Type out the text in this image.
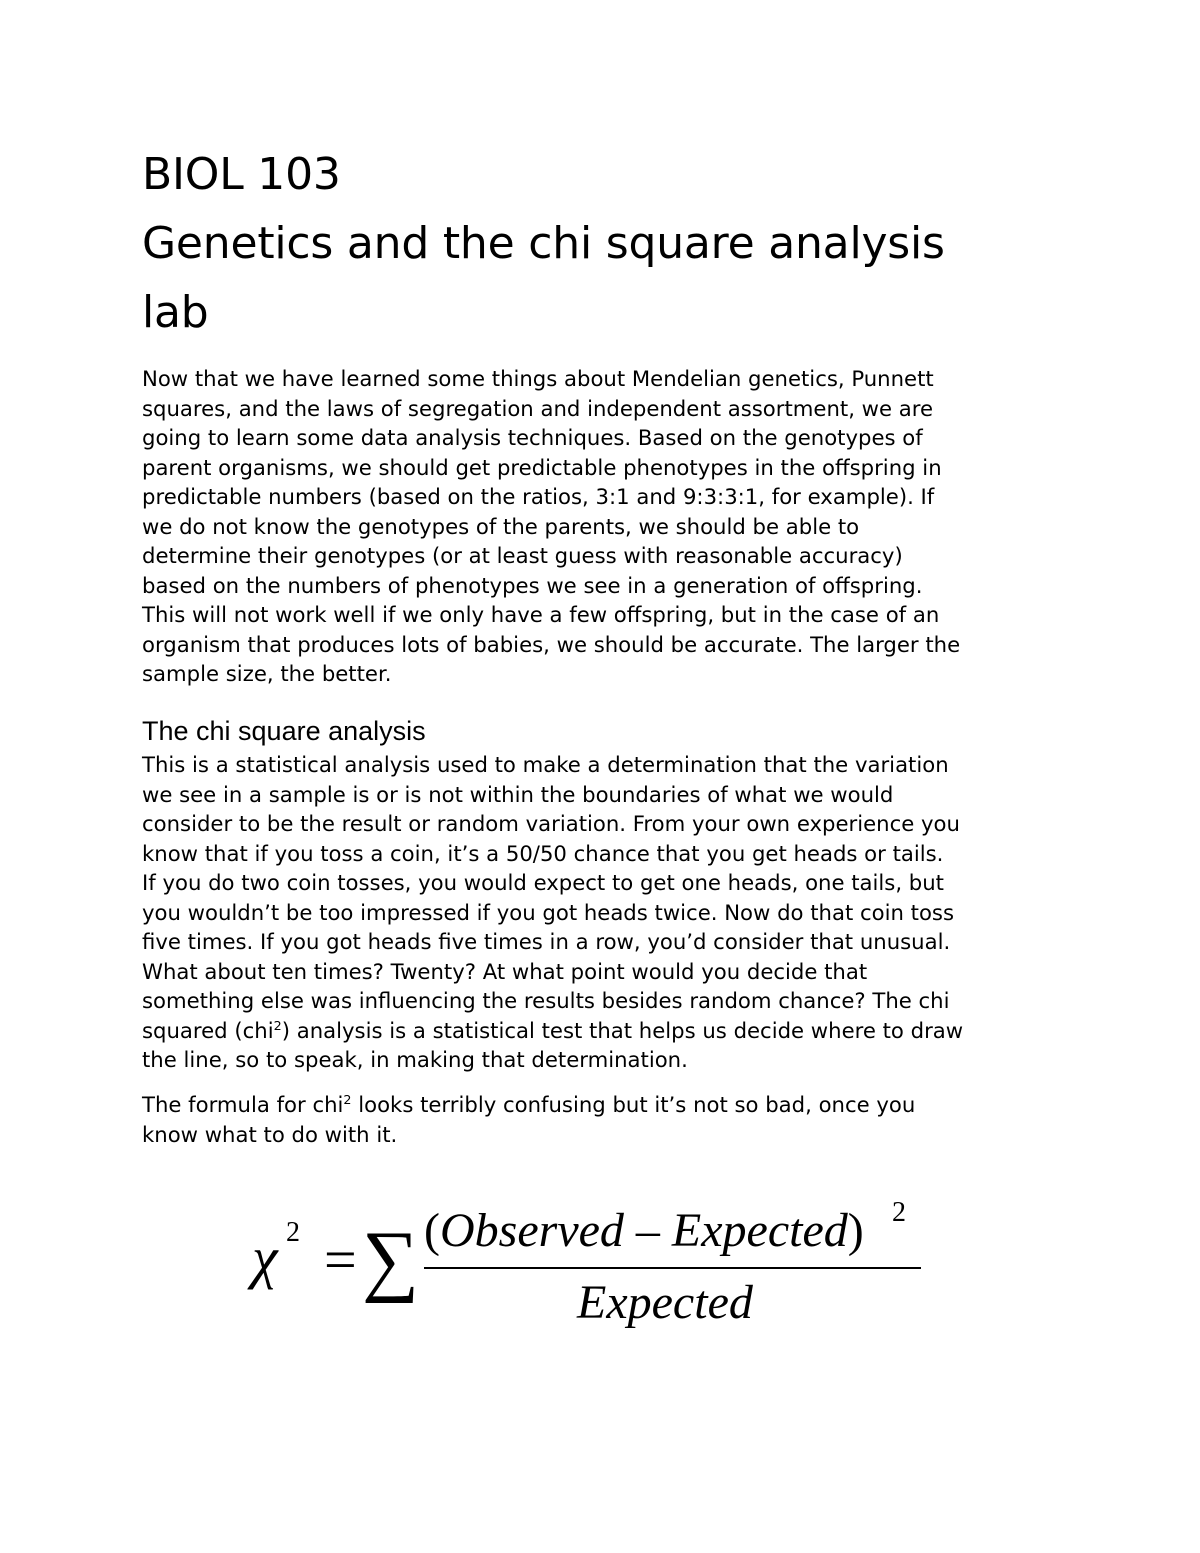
BIOL 103
Genetics and the chi square analysis
lab

Now that we have learned some things about Mendelian genetics, Punnett
squares, and the laws of segregation and independent assortment, we are
going to learn some data analysis techniques. Based on the genotypes of
parent organisms, we should get predictable phenotypes in the offspring in
predictable numbers (based on the ratios, 3:1 and 9:3:3:1, for example). If
we do not know the genotypes of the parents, we should be able to
determine their genotypes (or at least guess with reasonable accuracy)
based on the numbers of phenotypes we see in a generation of offspring.
This will not work well if we only have a few offspring, but in the case of an
organism that produces lots of babies, we should be accurate. The larger the
sample size, the better.

The chi square analysis

This is a statistical analysis used to make a determination that the variation
we see in a sample is or is not within the boundaries of what we would
consider to be the result or random variation. From your own experience you
know that if you toss a coin, it’s a 50/50 chance that you get heads or tails.
If you do two coin tosses, you would expect to get one heads, one tails, but
you wouldn’t be too impressed if you got heads twice. Now do that coin toss
five times. If you got heads five times in a row, you’d consider that unusual.
What about ten times? Twenty? At what point would you decide that
something else was influencing the results besides random chance? The chi
squared (chi$^2$) analysis is a statistical test that helps us decide where to draw
the line, so to speak, in making that determination.

The formula for chi$^2$ looks terribly confusing but it’s not so bad, once you
know what to do with it.

χ 2 = ∑ (Observed – Expected) 2
Expected
